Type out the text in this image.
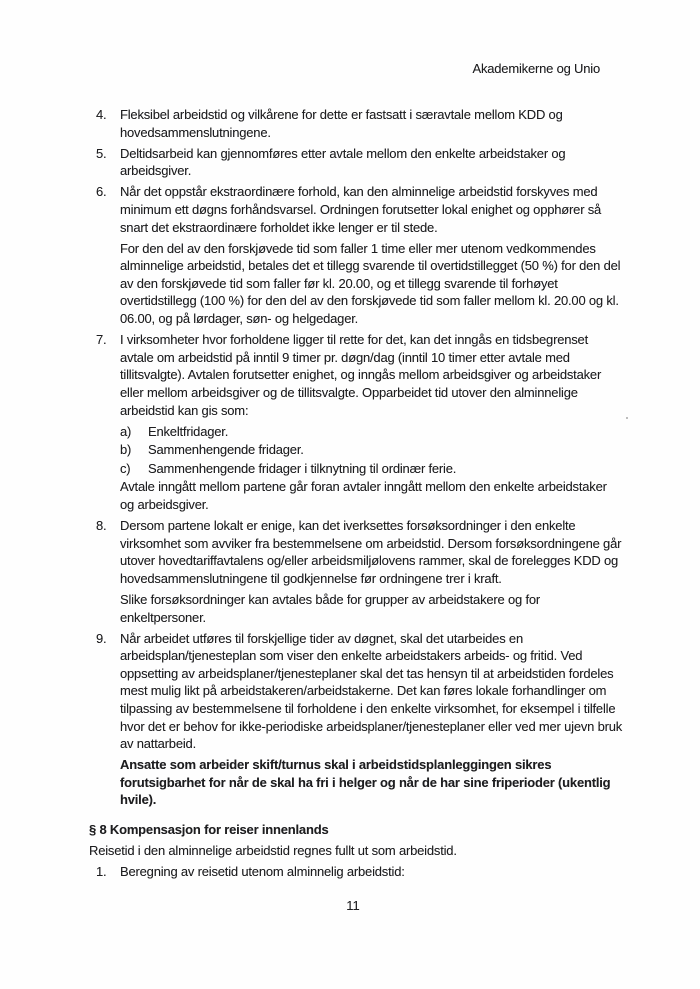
Akademikerne og Unio
4.	Fleksibel arbeidstid og vilkårene for dette er fastsatt i særavtale mellom KDD og hovedsammenslutningene.
5.	Deltidsarbeid kan gjennomføres etter avtale mellom den enkelte arbeidstaker og arbeidsgiver.
6.	Når det oppstår ekstraordinære forhold, kan den alminnelige arbeidstid forskyves med minimum ett døgns forhåndsvarsel. Ordningen forutsetter lokal enighet og opphører så snart det ekstraordinære forholdet ikke lenger er til stede.
For den del av den forskjøvede tid som faller 1 time eller mer utenom vedkommendes alminnelige arbeidstid, betales det et tillegg svarende til overtidstillegget (50 %) for den del av den forskjøvede tid som faller før kl. 20.00, og et tillegg svarende til forhøyet overtidstillegg (100 %) for den del av den forskjøvede tid som faller mellom kl. 20.00 og kl. 06.00, og på lørdager, søn- og helgedager.
7.	I virksomheter hvor forholdene ligger til rette for det, kan det inngås en tidsbegrenset avtale om arbeidstid på inntil 9 timer pr. døgn/dag (inntil 10 timer etter avtale med tillitsvalgte). Avtalen forutsetter enighet, og inngås mellom arbeidsgiver og arbeidstaker eller mellom arbeidsgiver og de tillitsvalgte. Opparbeidet tid utover den alminnelige arbeidstid kan gis som:
a)	Enkeltfridager.
b)	Sammenhengende fridager.
c)	Sammenhengende fridager i tilknytning til ordinær ferie.
Avtale inngått mellom partene går foran avtaler inngått mellom den enkelte arbeidstaker og arbeidsgiver.
8.	Dersom partene lokalt er enige, kan det iverksettes forsøksordninger i den enkelte virksomhet som avviker fra bestemmelsene om arbeidstid. Dersom forsøksordningene går utover hovedtariffavtalens og/eller arbeidsmiljølovens rammer, skal de forelegges KDD og hovedsammenslutningene til godkjennelse før ordningene trer i kraft.
Slike forsøksordninger kan avtales både for grupper av arbeidstakere og for enkeltpersoner.
9.	Når arbeidet utføres til forskjellige tider av døgnet, skal det utarbeides en arbeidsplan/tjenesteplan som viser den enkelte arbeidstakers arbeids- og fritid. Ved oppsetting av arbeidsplaner/tjenesteplaner skal det tas hensyn til at arbeidstiden fordeles mest mulig likt på arbeidstakeren/arbeidstakerne. Det kan føres lokale forhandlinger om tilpassing av bestemmelsene til forholdene i den enkelte virksomhet, for eksempel i tilfelle hvor det er behov for ikke-periodiske arbeidsplaner/tjenesteplaner eller ved mer ujevn bruk av nattarbeid.
Ansatte som arbeider skift/turnus skal i arbeidstidsplanleggingen sikres forutsigbarhet for når de skal ha fri i helger og når de har sine friperioder (ukentlig hvile).
§ 8 Kompensasjon for reiser innenlands
Reisetid i den alminnelige arbeidstid regnes fullt ut som arbeidstid.
1.	Beregning av reisetid utenom alminnelig arbeidstid:
11
